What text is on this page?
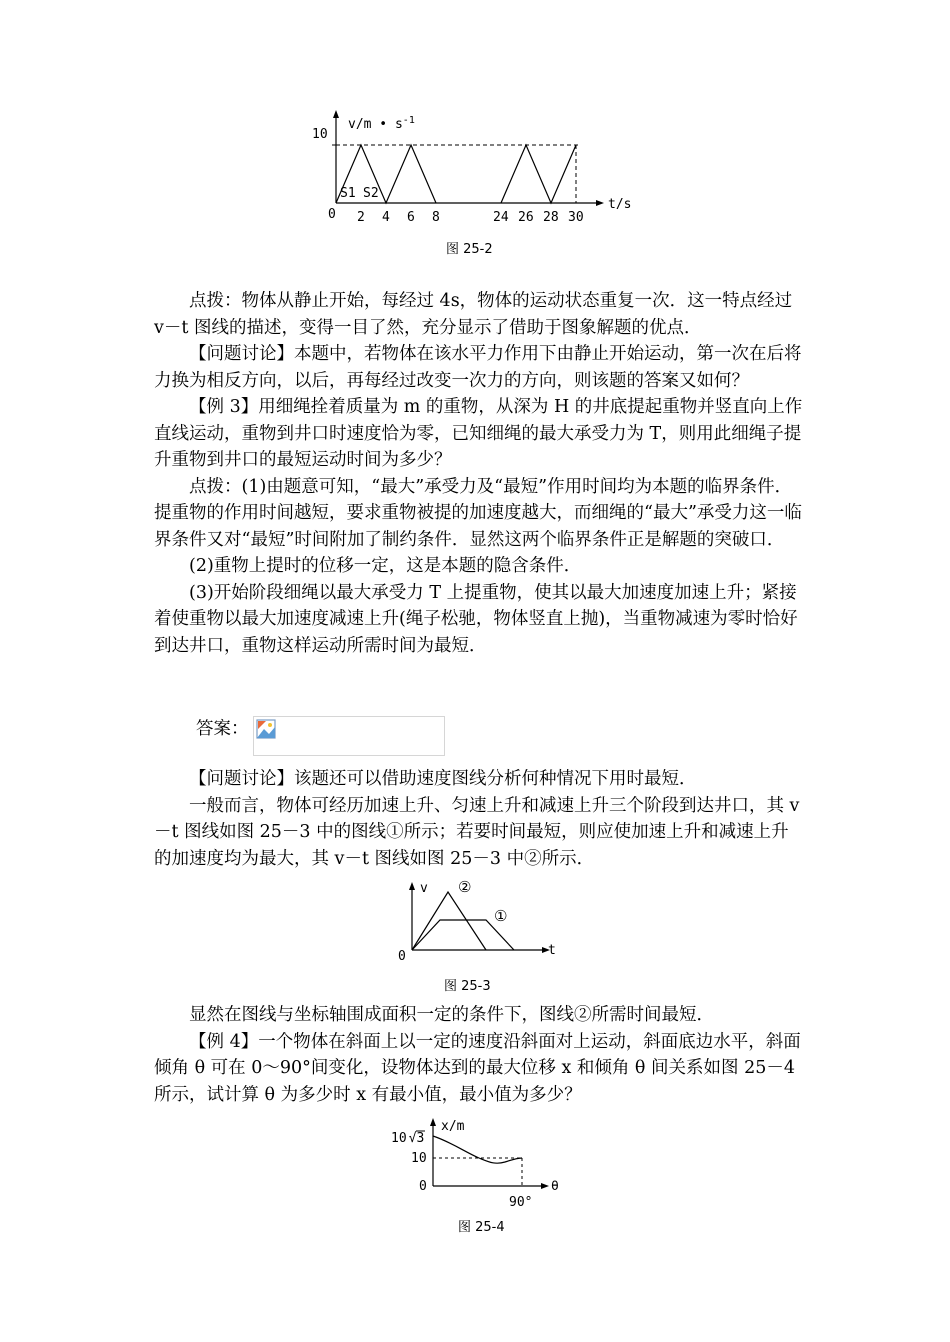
v/m • $s^{-1}$
10
0
t/s
S1 S2
2 4 6 8	24 26 28 30
图 25-2

点拨：物体从静止开始，每经过 4s，物体的运动状态重复一次．这一特点经过 v－t 图线的描述，变得一目了然，充分显示了借助于图象解题的优点．

【问题讨论】本题中，若物体在该水平力作用下由静止开始运动，第一次在后将力换为相反方向，以后，再每经过改变一次力的方向，则该题的答案又如何？

【例 3】用细绳拴着质量为 m 的重物，从深为 H 的井底提起重物并竖直向上作直线运动，重物到井口时速度恰为零，已知细绳的最大承受力为 T，则用此细绳子提升重物到井口的最短运动时间为多少？

点拨：(1)由题意可知，“最大”承受力及“最短”作用时间均为本题的临界条件．提重物的作用时间越短，要求重物被提的加速度越大，而细绳的“最大”承受力这一临界条件又对“最短”时间附加了制约条件．显然这两个临界条件正是解题的突破口．

(2)重物上提时的位移一定，这是本题的隐含条件．

(3)开始阶段细绳以最大承受力 T 上提重物，使其以最大加速度加速上升；紧接着使重物以最大加速度减速上升(绳子松驰，物体竖直上抛)，当重物减速为零时恰好到达井口，重物这样运动所需时间为最短．

答案：

【问题讨论】该题还可以借助速度图线分析何种情况下用时最短．

一般而言，物体可经历加速上升、匀速上升和减速上升三个阶段到达井口，其 v－t 图线如图 25－3 中的图线①所示；若要时间最短，则应使加速上升和减速上升的加速度均为最大，其 v－t 图线如图 25－3 中②所示．

v
t
0
②
①
图 25-3

显然在图线与坐标轴围成面积一定的条件下，图线②所需时间最短．

【例 4】一个物体在斜面上以一定的速度沿斜面对上运动，斜面底边水平，斜面倾角 θ 可在 0～90°间变化，设物体达到的最大位移 x 和倾角 θ 间关系如图 25－4 所示，试计算 θ 为多少时 x 有最小值，最小值为多少？

10 √3
x/m
10
0	θ
90°
图 25-4
